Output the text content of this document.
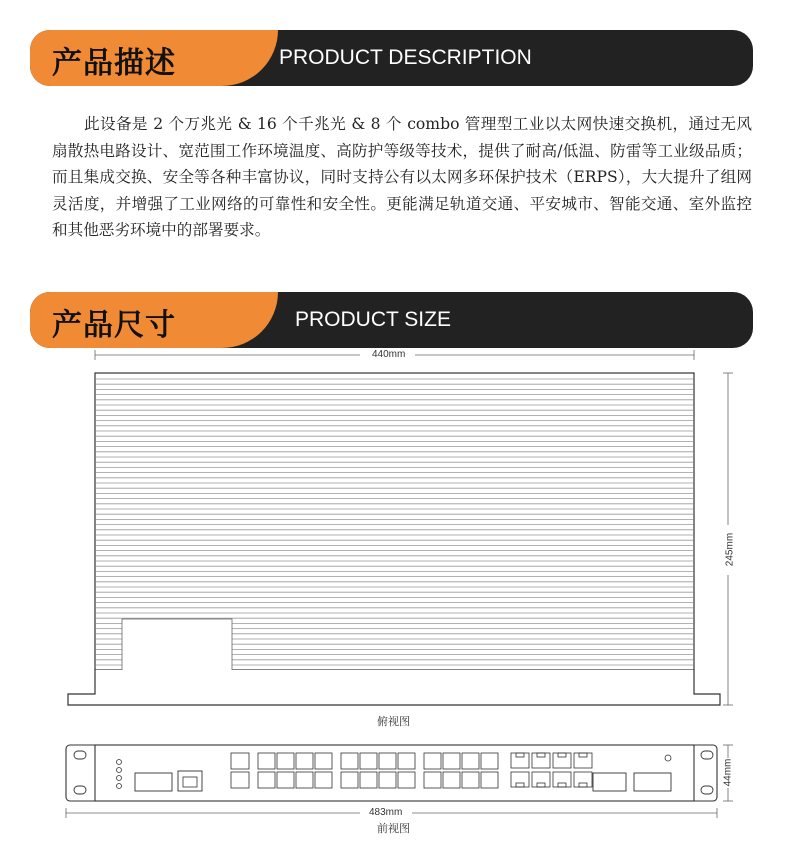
产品描述	PRODUCT DESCRIPTION
此设备是 2 个万兆光 & 16 个千兆光 & 8 个 combo 管理型工业以太网快速交换机，通过无风扇散热电路设计、宽范围工作环境温度、高防护等级等技术，提供了耐高/低温、防雷等工业级品质；而且集成交换、安全等各种丰富协议，同时支持公有以太网多环保护技术（ERPS），大大提升了组网灵活度，并增强了工业网络的可靠性和安全性。更能满足轨道交通、平安城市、智能交通、室外监控和其他恶劣环境中的部署要求。
产品尺寸	PRODUCT SIZE
440mm
245mm
俯视图
44mm
483mm
前视图
